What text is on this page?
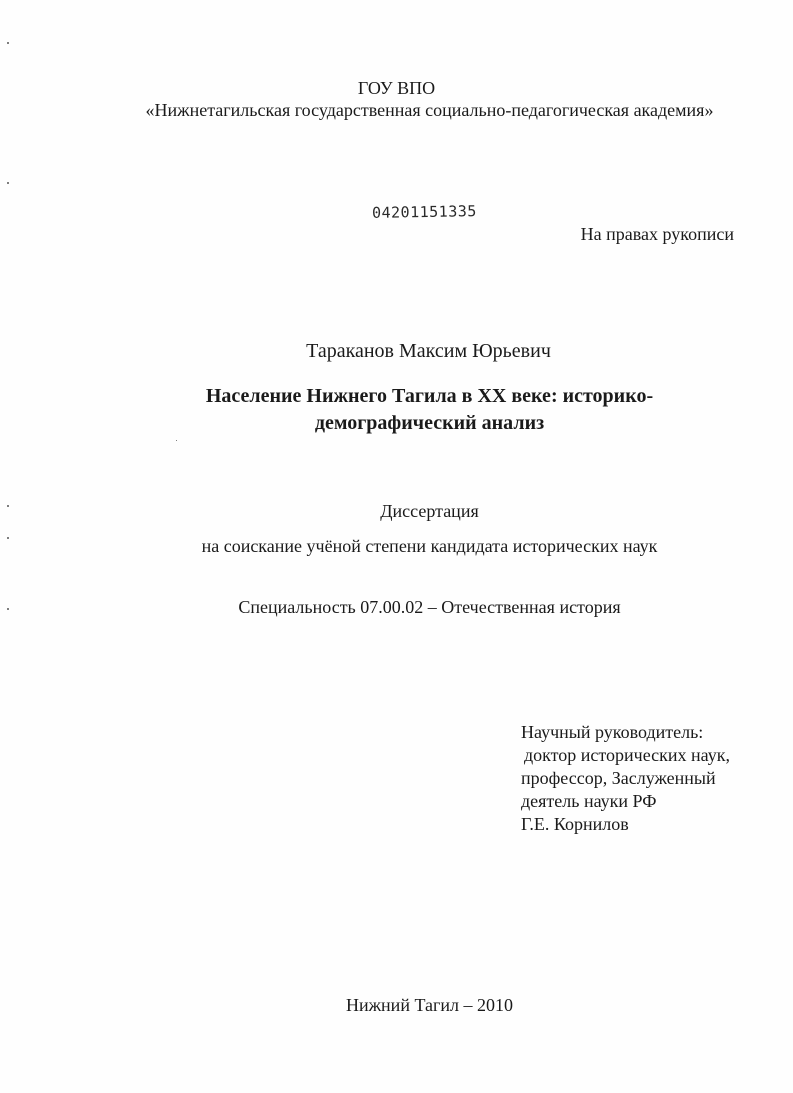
ГОУ ВПО
«Нижнетагильская государственная социально-педагогическая академия»
04201151335
На правах рукописи
Тараканов Максим Юрьевич
Население Нижнего Тагила в ХХ веке: историко-
демографический анализ
Диссертация
на соискание учёной степени кандидата исторических наук
Специальность 07.00.02 – Отечественная история
Научный руководитель:
доктор исторических наук,
профессор, Заслуженный
деятель науки РФ
Г.Е. Корнилов
Нижний Тагил – 2010
